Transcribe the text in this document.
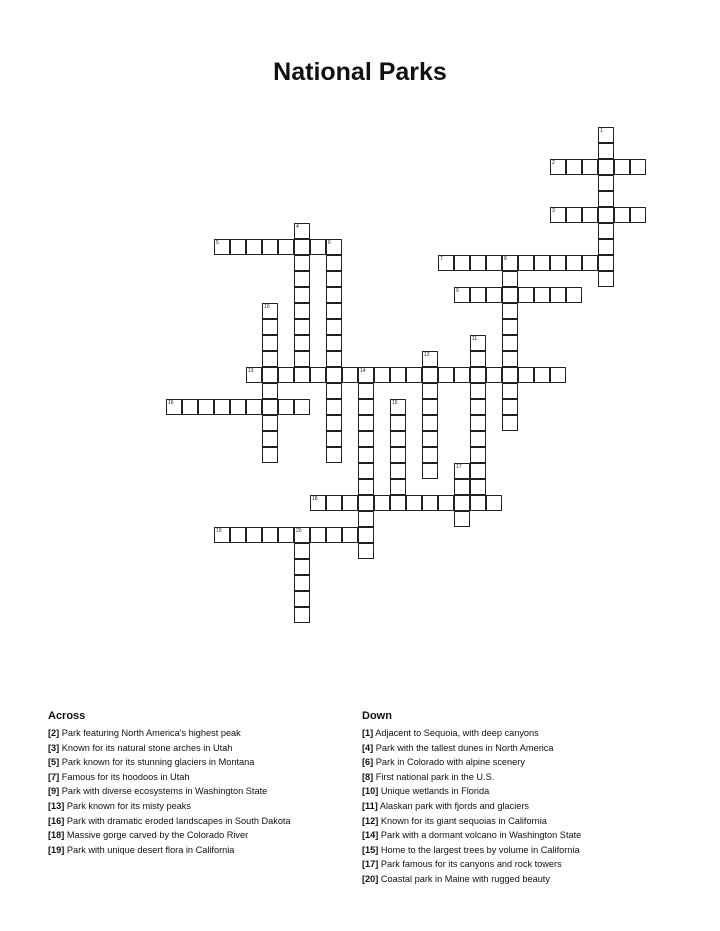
National Parks
2
3
5
7	8
9
13	14
16
18
19	20
1
4
6
10
11
12
15
17
Across
[2] Park featuring North America's highest peak
[3] Known for its natural stone arches in Utah
[5] Park known for its stunning glaciers in Montana
[7] Famous for its hoodoos in Utah
[9] Park with diverse ecosystems in Washington State
[13] Park known for its misty peaks
[16] Park with dramatic eroded landscapes in South Dakota
[18] Massive gorge carved by the Colorado River
[19] Park with unique desert flora in California
Down
[1] Adjacent to Sequoia, with deep canyons
[4] Park with the tallest dunes in North America
[6] Park in Colorado with alpine scenery
[8] First national park in the U.S.
[10] Unique wetlands in Florida
[11] Alaskan park with fjords and glaciers
[12] Known for its giant sequoias in California
[14] Park with a dormant volcano in Washington State
[15] Home to the largest trees by volume in California
[17] Park famous for its canyons and rock towers
[20] Coastal park in Maine with rugged beauty
